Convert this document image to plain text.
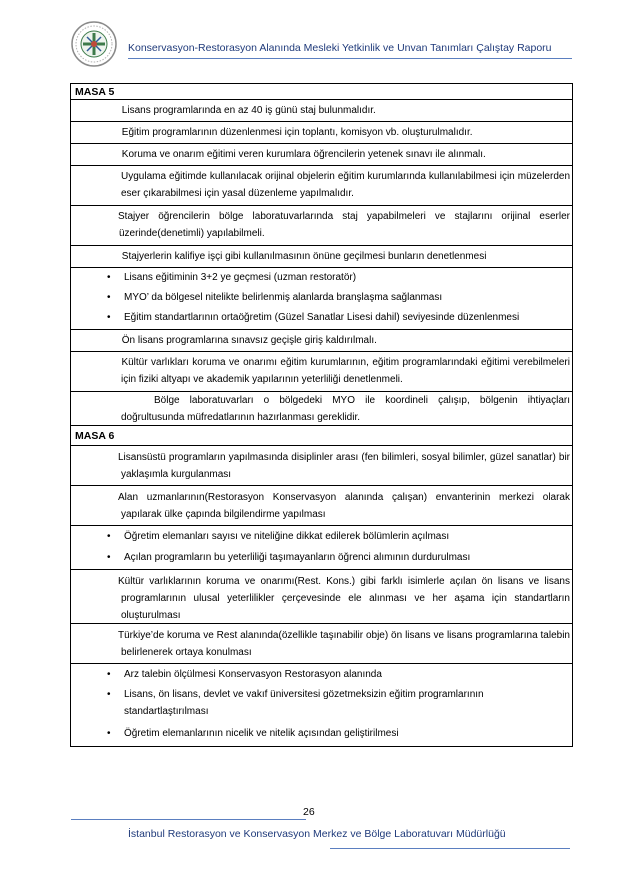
Konservasyon-Restorasyon Alanında Mesleki Yetkinlik ve Unvan Tanımları Çalıştay Raporu
MASA 5
Lisans programlarında en az 40 iş günü staj bulunmalıdır.
Eğitim programlarının düzenlenmesi için toplantı, komisyon vb. oluşturulmalıdır.
Koruma ve onarım eğitimi veren kurumlara öğrencilerin yetenek sınavı ile alınmalı.
Uygulama eğitimde kullanılacak orijinal objelerin eğitim kurumlarında kullanılabilmesi için müzelerden eser çıkarabilmesi için yasal düzenleme yapılmalıdır.
Stajyer öğrencilerin bölge laboratuvarlarında staj yapabilmeleri ve stajlarını orijinal eserler üzerinde(denetimli) yapılabilmeli.
Stajyerlerin kalifiye işçi gibi kullanılmasının önüne geçilmesi bunların denetlenmesi
• Lisans eğitiminin 3+2 ye geçmesi (uzman restoratör)
• MYO’ da bölgesel nitelikte belirlenmiş alanlarda branşlaşma sağlanması
• Eğitim standartlarının ortaöğretim (Güzel Sanatlar Lisesi dahil) seviyesinde düzenlenmesi
Ön lisans programlarına sınavsız geçişle giriş kaldırılmalı.
Kültür varlıkları koruma ve onarımı eğitim kurumlarının, eğitim programlarındaki eğitimi verebilmeleri için fiziki altyapı ve akademik yapılarının yeterliliği denetlenmeli.
Bölge laboratuvarları o bölgedeki MYO ile koordineli çalışıp, bölgenin ihtiyaçları doğrultusunda müfredatlarının hazırlanması gereklidir.
MASA 6
Lisansüstü programların yapılmasında disiplinler arası (fen bilimleri, sosyal bilimler, güzel sanatlar) bir yaklaşımla kurgulanması
Alan uzmanlarının(Restorasyon Konservasyon alanında çalışan) envanterinin merkezi olarak yapılarak ülke çapında bilgilendirme yapılması
• Öğretim elemanları sayısı ve niteliğine dikkat edilerek bölümlerin açılması
• Açılan programların bu yeterliliği taşımayanların öğrenci alımının durdurulması
Kültür varlıklarının koruma ve onarımı(Rest. Kons.) gibi farklı isimlerle açılan ön lisans ve lisans programlarının ulusal yeterlilikler çerçevesinde ele alınması ve her aşama için standartların oluşturulması
Türkiye’de koruma ve Rest alanında(özellikle taşınabilir obje) ön lisans ve lisans programlarına talebin belirlenerek ortaya konulması
• Arz talebin ölçülmesi Konservasyon Restorasyon alanında
• Lisans, ön lisans, devlet ve vakıf üniversitesi gözetmeksizin eğitim programlarının standartlaştırılması
• Öğretim elemanlarının nicelik ve nitelik açısından geliştirilmesi
26
İstanbul Restorasyon ve Konservasyon Merkez ve Bölge Laboratuvarı Müdürlüğü
